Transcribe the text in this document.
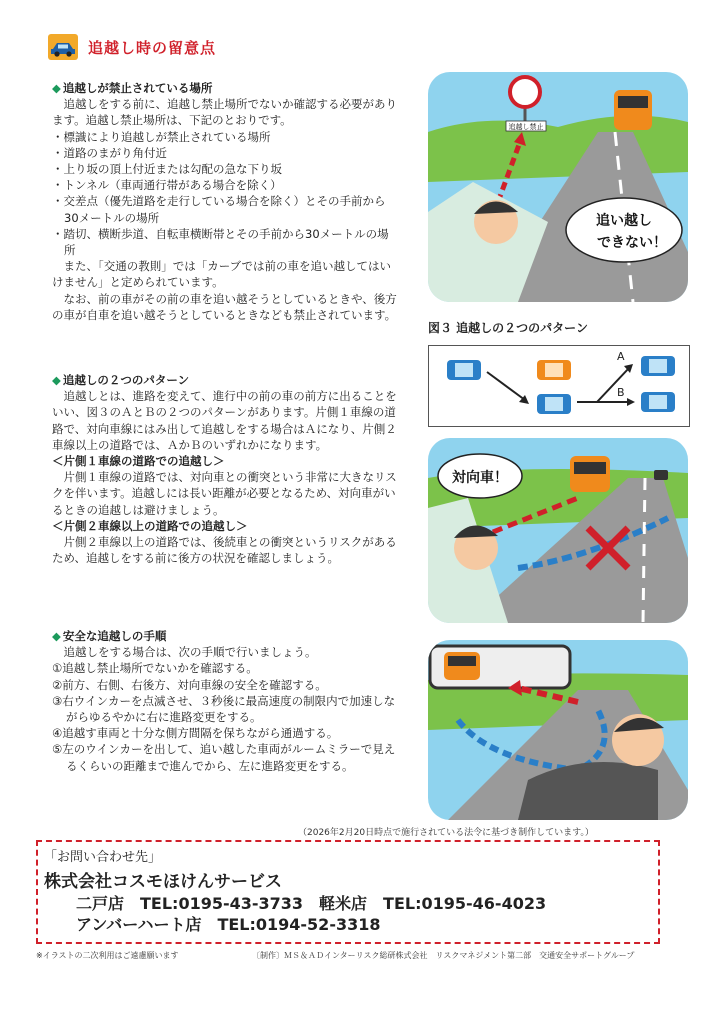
追越し時の留意点
◆ 追越しが禁止されている場所
追越しをする前に、追越し禁止場所でないか確認する必要があります。追越し禁止場所は、下記のとおりです。
・標識により追越しが禁止されている場所
・道路のまがり角付近
・上り坂の頂上付近または勾配の急な下り坂
・トンネル（車両通行帯がある場合を除く）
・交差点（優先道路を走行している場合を除く）とその手前から30メートルの場所
・踏切、横断歩道、自転車横断帯とその手前から30メートルの場所
また、「交通の教則」では「カーブでは前の車を追い越してはいけません」と定められています。
なお、前の車がその前の車を追い越そうとしているときや、後方の車が自車を追い越そうとしているときなども禁止されています。
◆ 追越しの２つのパターン
追越しとは、進路を変えて、進行中の前の車の前方に出ることをいい、図３のＡとＢの２つのパターンがあります。片側１車線の道路で、対向車線にはみ出して追越しをする場合はＡになり、片側２車線以上の道路では、ＡかＢのいずれかになります。
＜片側１車線の道路での追越し＞
片側１車線の道路では、対向車との衝突という非常に大きなリスクを伴います。追越しには長い距離が必要となるため、対向車がいるときの追越しは避けましょう。
＜片側２車線以上の道路での追越し＞
片側２車線以上の道路では、後続車との衝突というリスクがあるため、追越しをする前に後方の状況を確認しましょう。
◆ 安全な追越しの手順
追越しをする場合は、次の手順で行いましょう。
①追越し禁止場所でないかを確認する。
②前方、右側、右後方、対向車線の安全を確認する。
③右ウインカーを点滅させ、３秒後に最高速度の制限内で加速しながらゆるやかに右に進路変更をする。
④追越す車両と十分な側方間隔を保ちながら通過する。
⑤左のウインカーを出して、追い越した車両がルームミラーで見えるくらいの距離まで進んでから、左に進路変更をする。
追越し禁止
追い越し
できない！
図３ 追越しの２つのパターン
A
B
対向車！
（2026年2月20日時点で施行されている法令に基づき制作しています。）
「お問い合わせ先」
株式会社コスモほけんサービス
二戸店　TEL:0195-43-3733　軽米店　TEL:0195-46-4023
アンバーハート店　TEL:0194-52-3318
※イラストの二次利用はご遠慮願います	〔制作〕ＭＳ＆ＡＤインターリスク総研株式会社　リスクマネジメント第二部　交通安全サポートグループ
